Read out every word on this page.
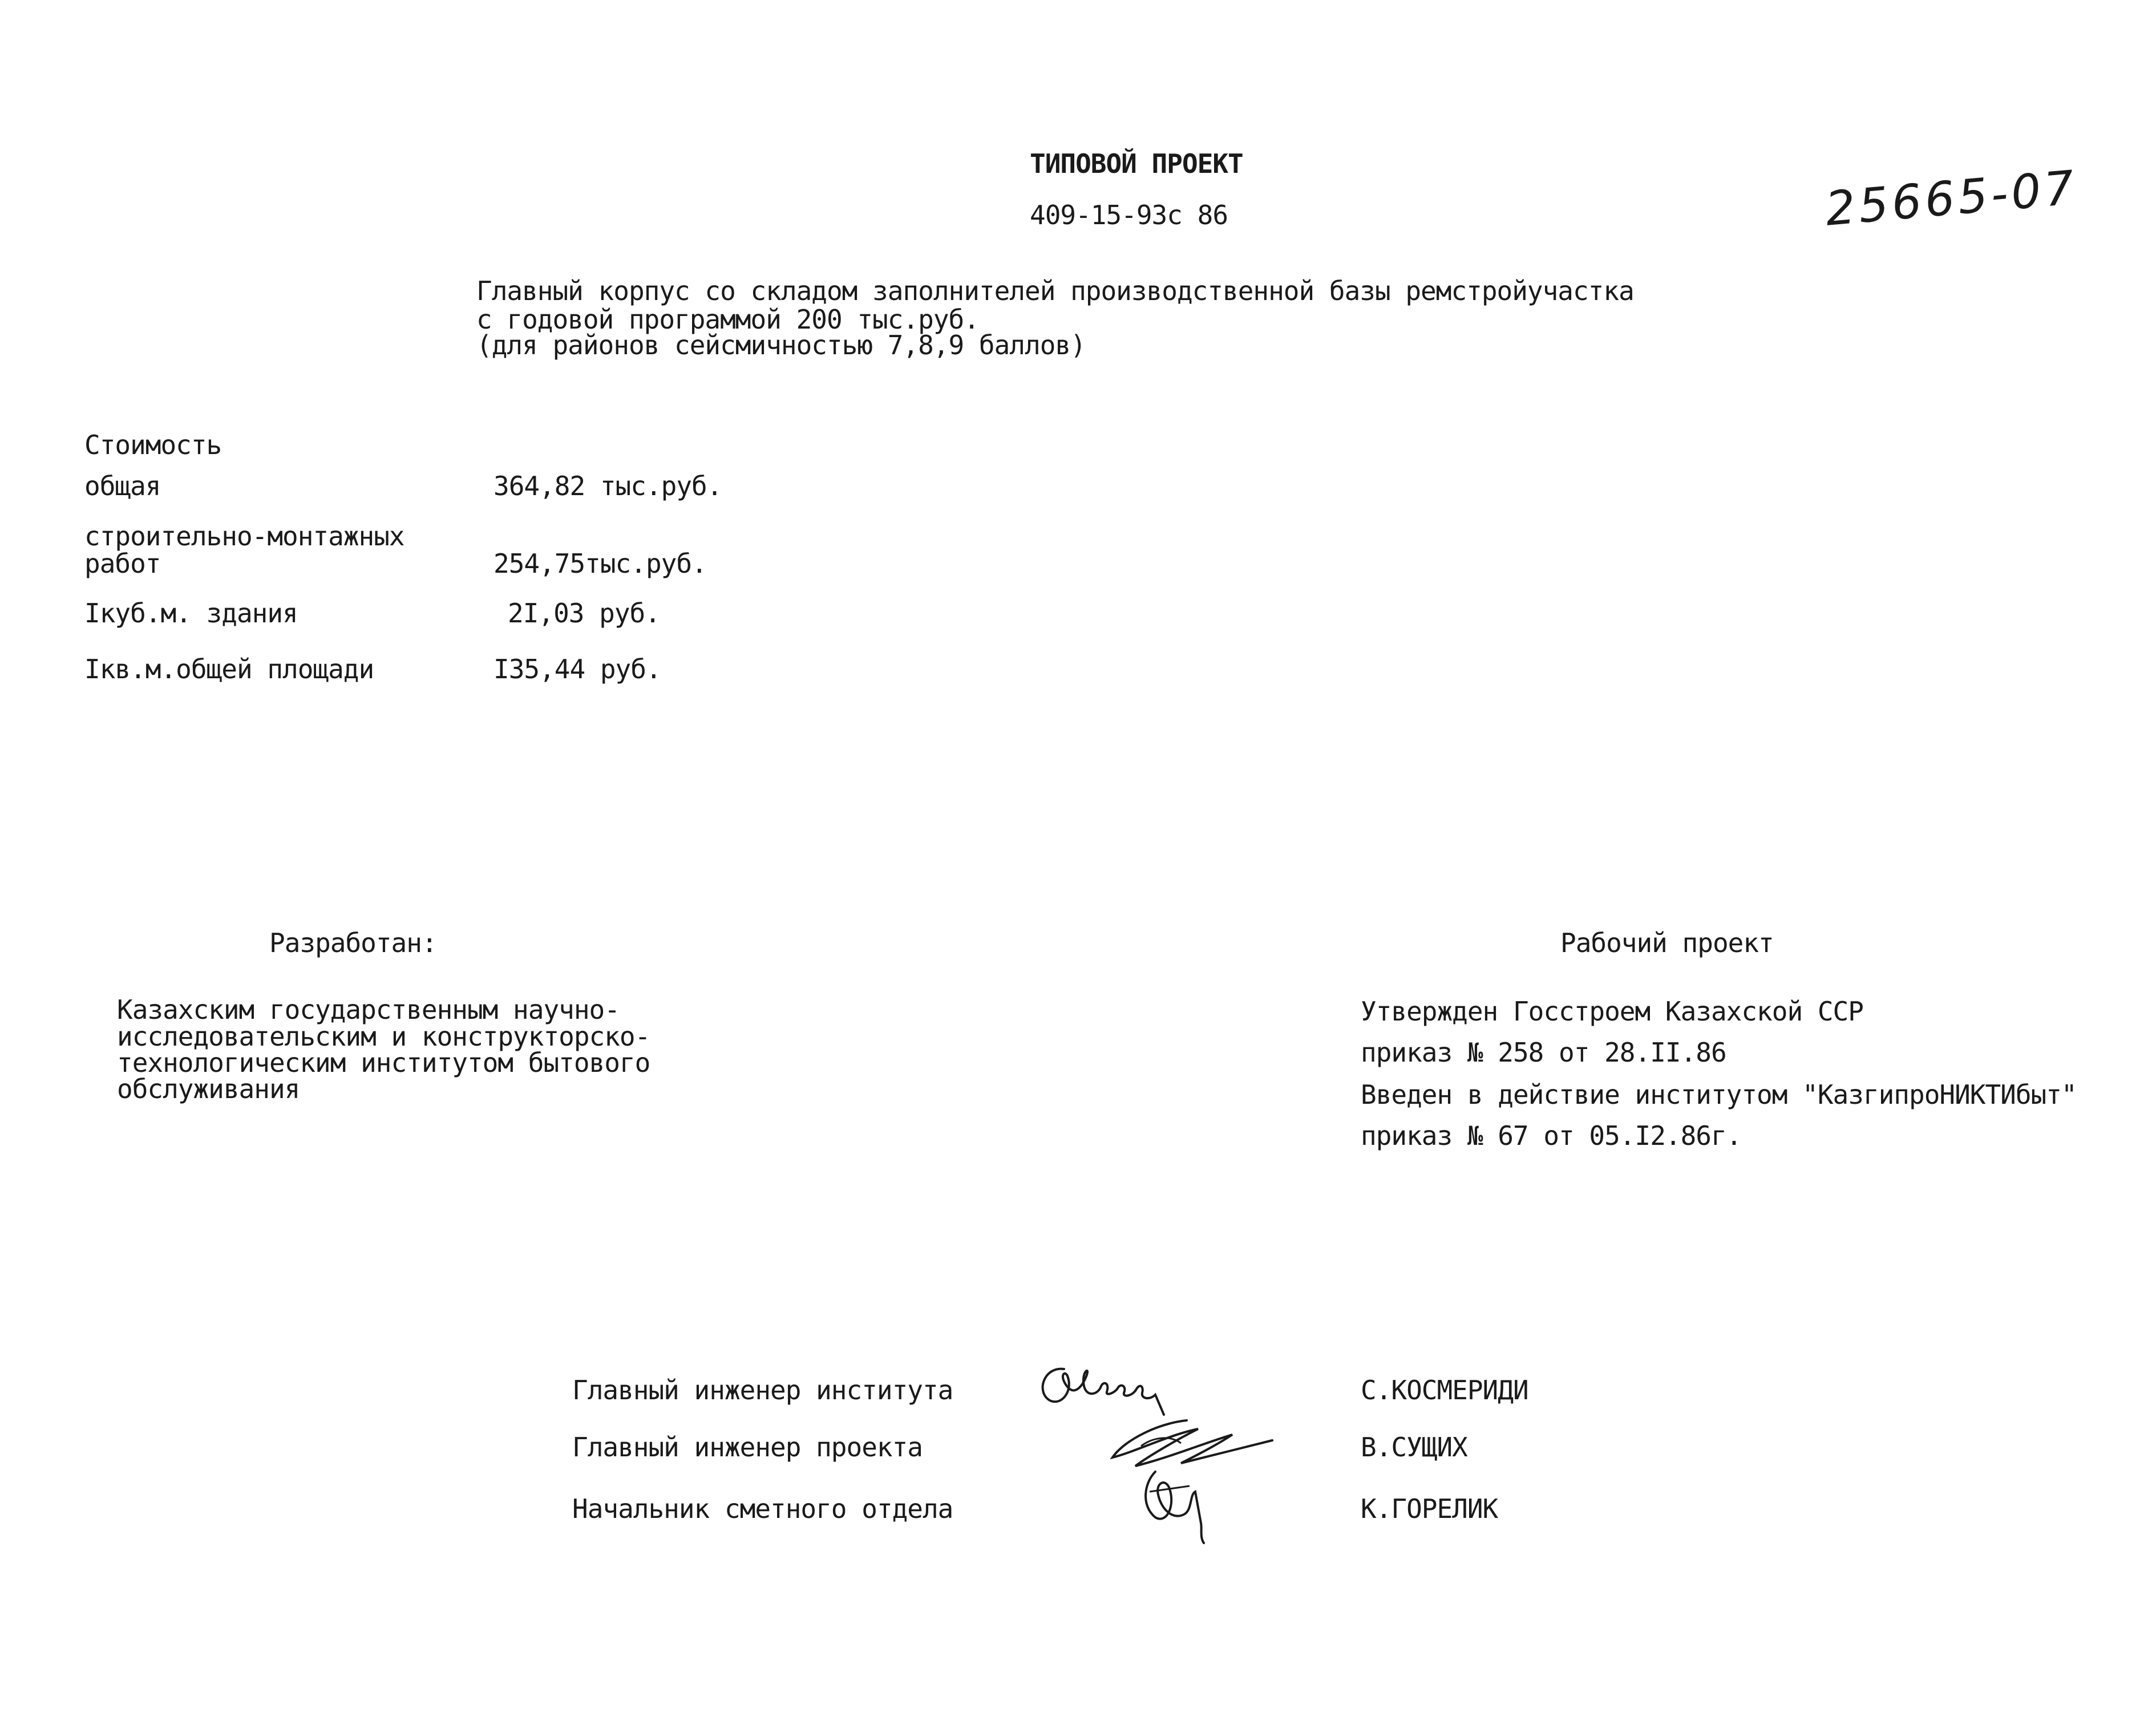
ТИПОВОЙ ПРОЕКТ
409-15-93с 86	25665-07
Главный корпус со складом заполнителей производственной базы ремстройучастка
с годовой программой 200 тыс.руб.
(для районов сейсмичностью 7,8,9 баллов)
Стоимость
общая	364,82 тыс.руб.
строительно-монтажных
работ	254,75тыс.руб.
Iкуб.м. здания	2I,03 руб.
Iкв.м.общей площади	I35,44 руб.
Разработан:
Казахским государственным научно-
исследовательским и конструкторско-
технологическим институтом бытового
обслуживания
Рабочий проект
Утвержден Госстроем Казахской ССР
приказ № 258 от 28.II.86
Введен в действие институтом "КазгипроНИКТИбыт"
приказ № 67 от 05.I2.86г.
Главный инженер института	С.КОСМЕРИДИ
Главный инженер проекта	В.СУЩИХ
Начальник сметного отдела	К.ГОРЕЛИК
